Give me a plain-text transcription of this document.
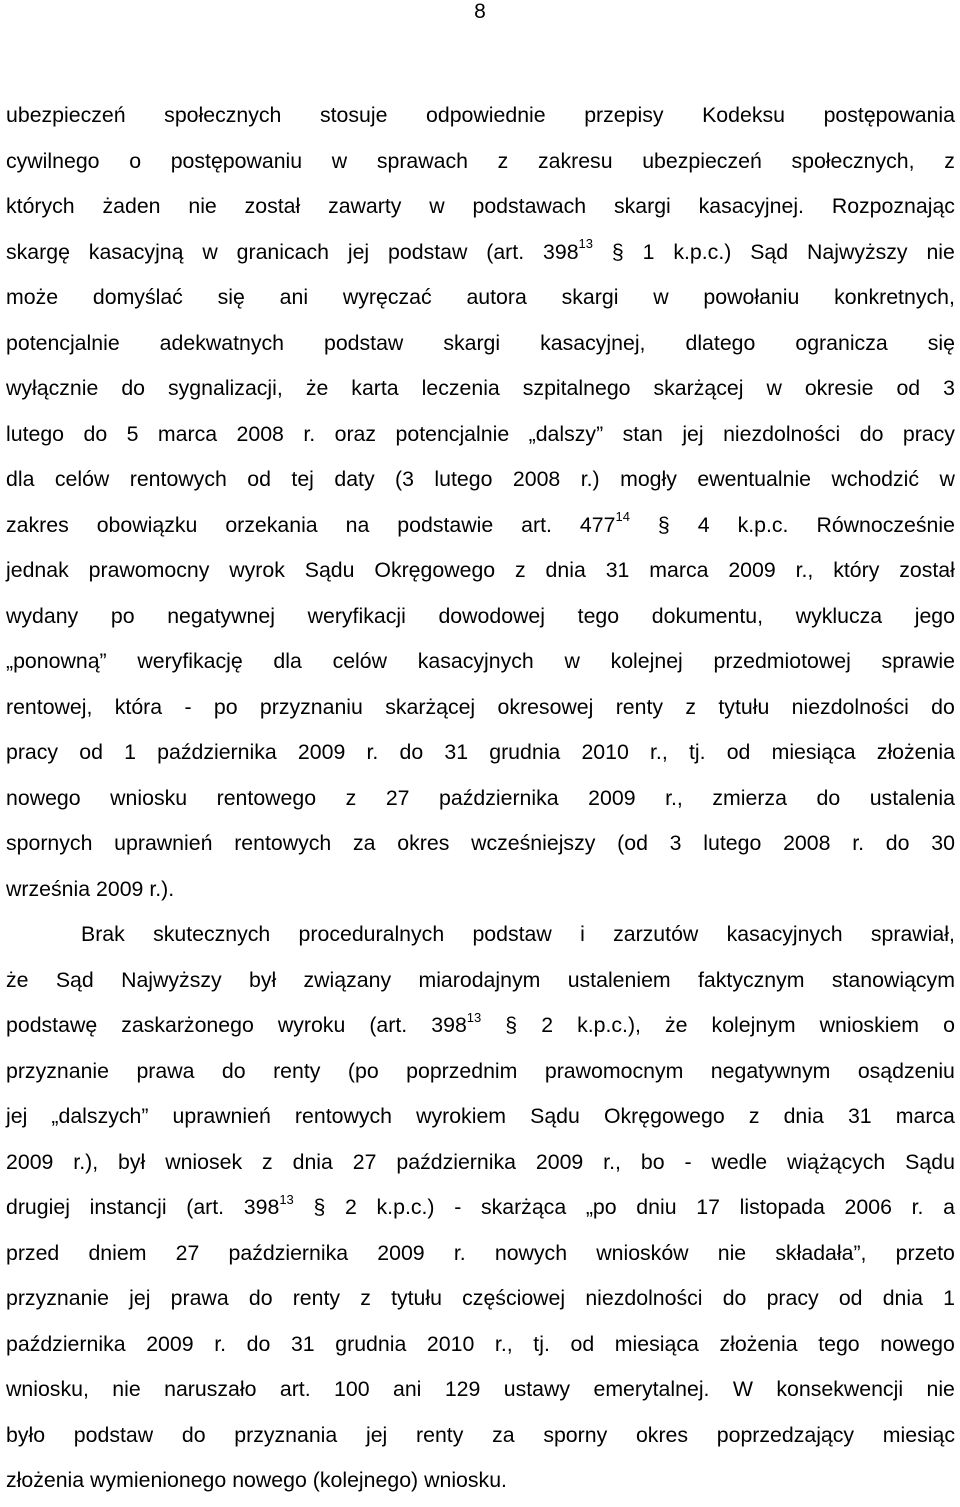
8
ubezpieczeń społecznych stosuje odpowiednie przepisy Kodeksu postępowania
cywilnego o postępowaniu w sprawach z zakresu ubezpieczeń społecznych, z
których żaden nie został zawarty w podstawach skargi kasacyjnej. Rozpoznając
skargę kasacyjną w granicach jej podstaw (art. $398^{13}$ § 1 k.p.c.) Sąd Najwyższy nie
może domyślać się ani wyręczać autora skargi w powołaniu konkretnych,
potencjalnie adekwatnych podstaw skargi kasacyjnej, dlatego ogranicza się
wyłącznie do sygnalizacji, że karta leczenia szpitalnego skarżącej w okresie od 3
lutego do 5 marca 2008 r. oraz potencjalnie „dalszy” stan jej niezdolności do pracy
dla celów rentowych od tej daty (3 lutego 2008 r.) mogły ewentualnie wchodzić w
zakres obowiązku orzekania na podstawie art. $477^{14}$ § 4 k.p.c. Równocześnie
jednak prawomocny wyrok Sądu Okręgowego z dnia 31 marca 2009 r., który został
wydany po negatywnej weryfikacji dowodowej tego dokumentu, wyklucza jego
„ponowną” weryfikację dla celów kasacyjnych w kolejnej przedmiotowej sprawie
rentowej, która - po przyznaniu skarżącej okresowej renty z tytułu niezdolności do
pracy od 1 października 2009 r. do 31 grudnia 2010 r., tj. od miesiąca złożenia
nowego wniosku rentowego z 27 października 2009 r., zmierza do ustalenia
spornych uprawnień rentowych za okres wcześniejszy (od 3 lutego 2008 r. do 30
września 2009 r.).
Brak skutecznych proceduralnych podstaw i zarzutów kasacyjnych sprawiał,
że Sąd Najwyższy był związany miarodajnym ustaleniem faktycznym stanowiącym
podstawę zaskarżonego wyroku (art. $398^{13}$ § 2 k.p.c.), że kolejnym wnioskiem o
przyznanie prawa do renty (po poprzednim prawomocnym negatywnym osądzeniu
jej „dalszych” uprawnień rentowych wyrokiem Sądu Okręgowego z dnia 31 marca
2009 r.), był wniosek z dnia 27 października 2009 r., bo - wedle wiążących Sądu
drugiej instancji (art. $398^{13}$ § 2 k.p.c.) - skarżąca „po dniu 17 listopada 2006 r. a
przed dniem 27 października 2009 r. nowych wniosków nie składała”, przeto
przyznanie jej prawa do renty z tytułu częściowej niezdolności do pracy od dnia 1
października 2009 r. do 31 grudnia 2010 r., tj. od miesiąca złożenia tego nowego
wniosku, nie naruszało art. 100 ani 129 ustawy emerytalnej. W konsekwencji nie
było podstaw do przyznania jej renty za sporny okres poprzedzający miesiąc
złożenia wymienionego nowego (kolejnego) wniosku.
